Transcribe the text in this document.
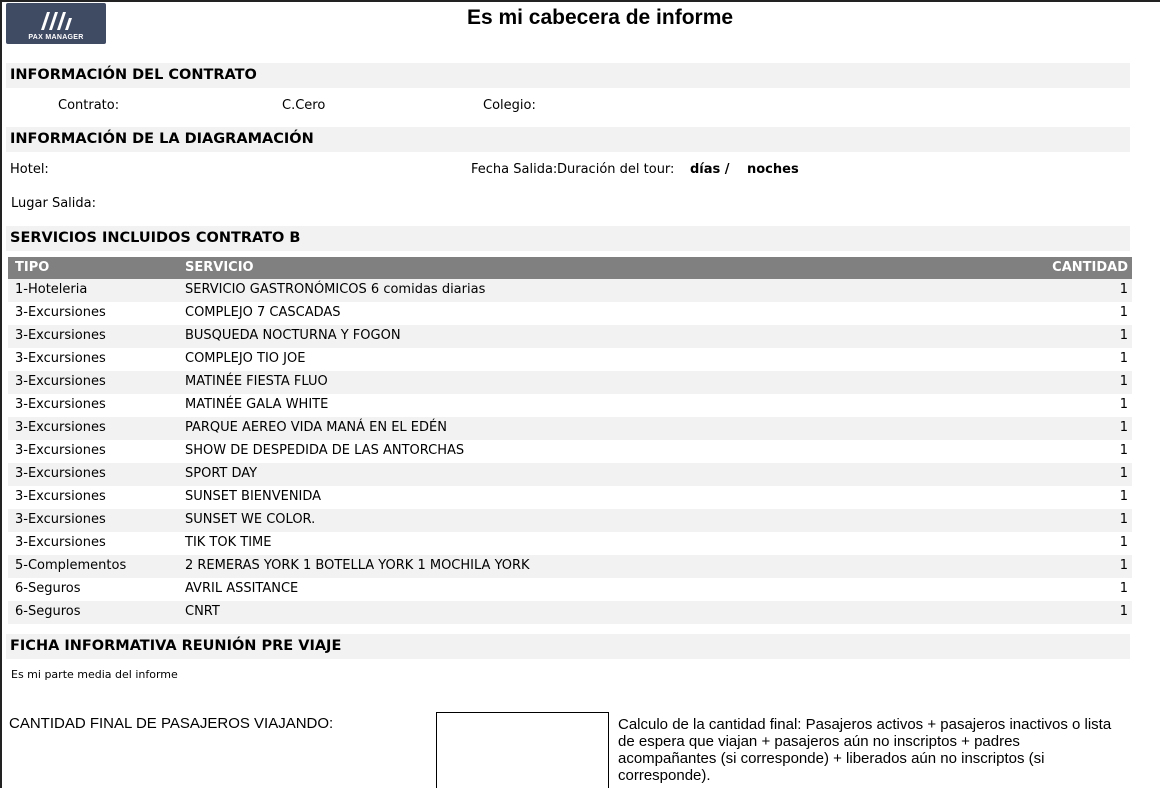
PAX MANAGER
Es mi cabecera de informe
INFORMACIÓN DEL CONTRATO
Contrato:	C.Cero	Colegio:
INFORMACIÓN DE LA DIAGRAMACIÓN
Hotel:	Fecha Salida: Duración del tour: días / noches
Lugar Salida:
SERVICIOS INCLUIDOS CONTRATO B
TIPO	SERVICIO	CANTIDAD
1-Hoteleria	SERVICIO GASTRONÓMICOS 6 comidas diarias	1
3-Excursiones	COMPLEJO 7 CASCADAS	1
3-Excursiones	BUSQUEDA NOCTURNA Y FOGON	1
3-Excursiones	COMPLEJO TIO JOE	1
3-Excursiones	MATINÉE FIESTA FLUO	1
3-Excursiones	MATINÉE GALA WHITE	1
3-Excursiones	PARQUE AEREO VIDA MANÁ EN EL EDÉN	1
3-Excursiones	SHOW DE DESPEDIDA DE LAS ANTORCHAS	1
3-Excursiones	SPORT DAY	1
3-Excursiones	SUNSET BIENVENIDA	1
3-Excursiones	SUNSET WE COLOR.	1
3-Excursiones	TIK TOK TIME	1
5-Complementos	2 REMERAS YORK 1 BOTELLA YORK 1 MOCHILA YORK	1
6-Seguros	AVRIL ASSITANCE	1
6-Seguros	CNRT	1
FICHA INFORMATIVA REUNIÓN PRE VIAJE
Es mi parte media del informe
CANTIDAD FINAL DE PASAJEROS VIAJANDO:	Calculo de la cantidad final: Pasajeros activos + pasajeros inactivos o lista de espera que viajan + pasajeros aún no inscriptos + padres acompañantes (si corresponde) + liberados aún no inscriptos (si corresponde).
